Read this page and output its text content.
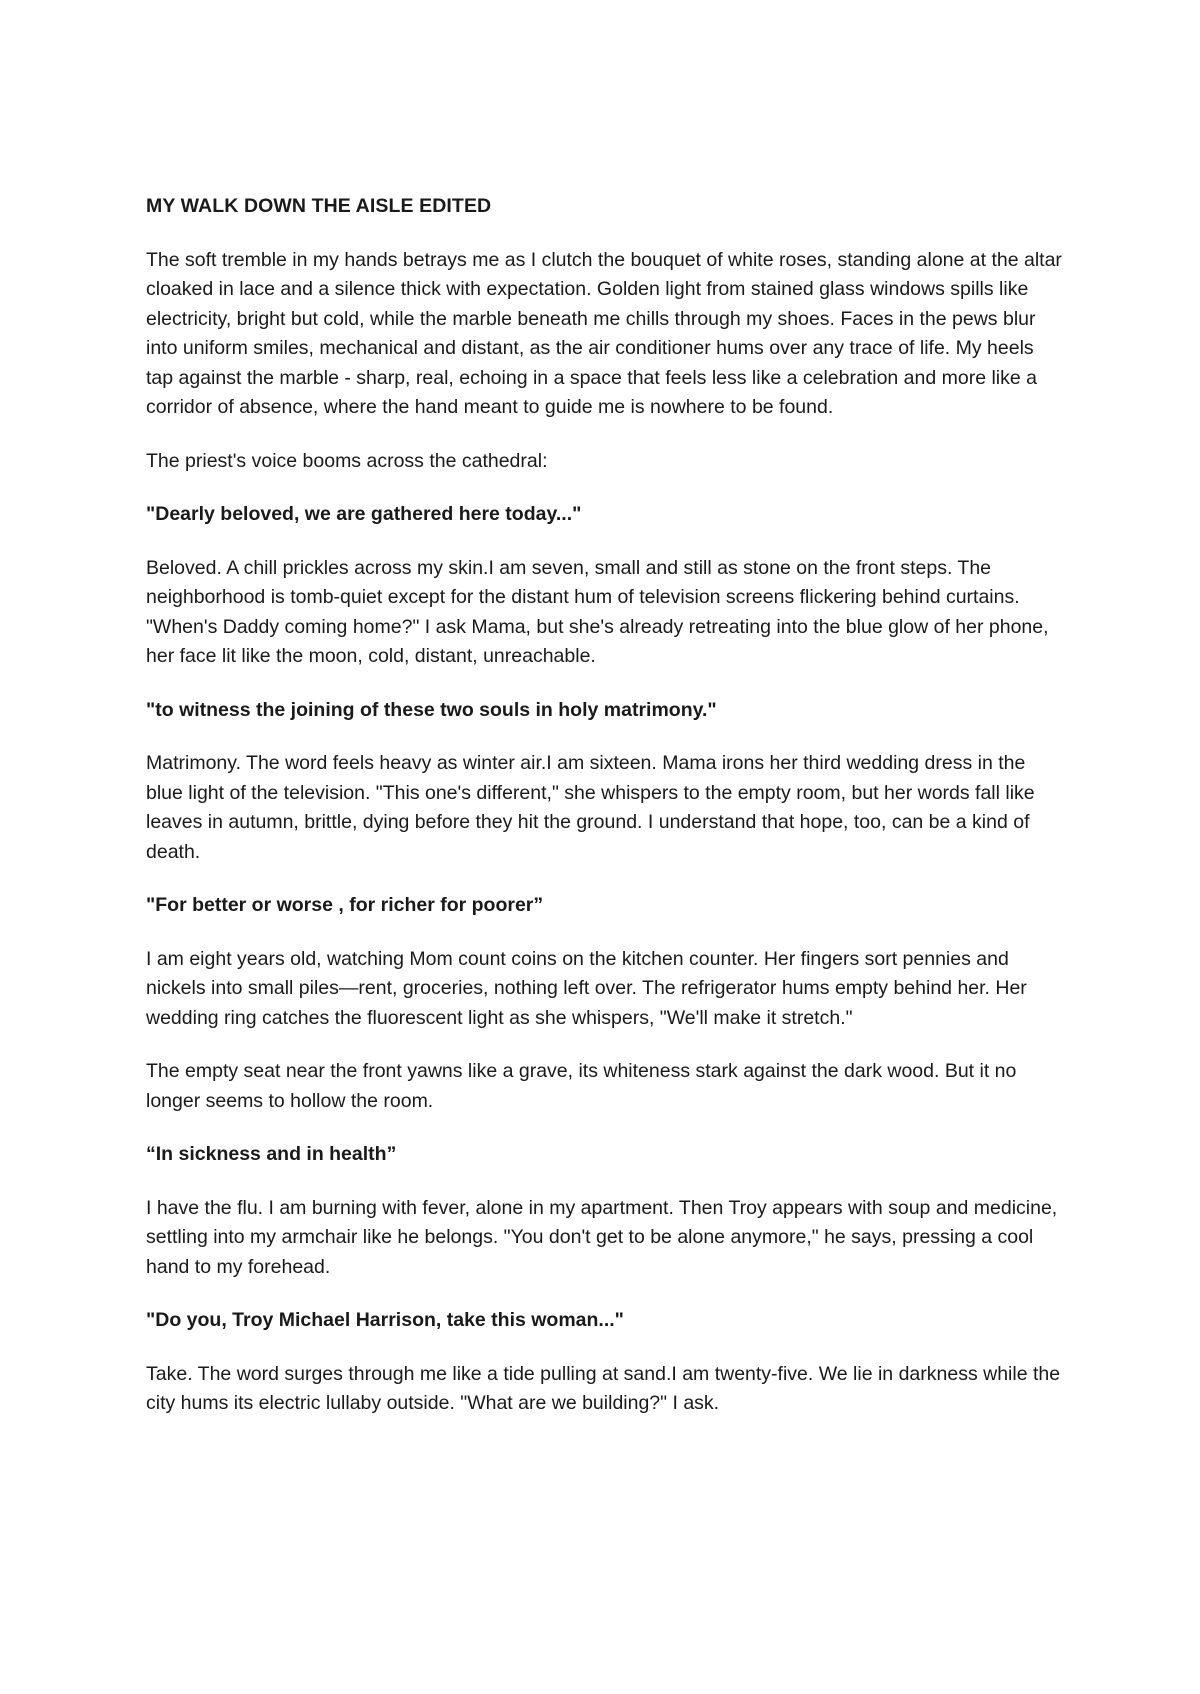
MY WALK DOWN THE AISLE EDITED

The soft tremble in my hands betrays me as I clutch the bouquet of white roses, standing alone at the altar cloaked in lace and a silence thick with expectation. Golden light from stained glass windows spills like electricity, bright but cold, while the marble beneath me chills through my shoes. Faces in the pews blur into uniform smiles, mechanical and distant, as the air conditioner hums over any trace of life. My heels tap against the marble - sharp, real, echoing in a space that feels less like a celebration and more like a corridor of absence, where the hand meant to guide me is nowhere to be found.

The priest's voice booms across the cathedral:

"Dearly beloved, we are gathered here today..."

Beloved. A chill prickles across my skin.I am seven, small and still as stone on the front steps. The neighborhood is tomb-quiet except for the distant hum of television screens flickering behind curtains. "When's Daddy coming home?" I ask Mama, but she's already retreating into the blue glow of her phone, her face lit like the moon, cold, distant, unreachable.

"to witness the joining of these two souls in holy matrimony."

Matrimony. The word feels heavy as winter air.I am sixteen. Mama irons her third wedding dress in the blue light of the television. "This one's different," she whispers to the empty room, but her words fall like leaves in autumn, brittle, dying before they hit the ground. I understand that hope, too, can be a kind of death.

"For better or worse , for richer for poorer”

I am eight years old, watching Mom count coins on the kitchen counter. Her fingers sort pennies and nickels into small piles—rent, groceries, nothing left over. The refrigerator hums empty behind her. Her wedding ring catches the fluorescent light as she whispers, "We'll make it stretch."

The empty seat near the front yawns like a grave, its whiteness stark against the dark wood. But it no longer seems to hollow the room.

“In sickness and in health”

I have the flu. I am burning with fever, alone in my apartment. Then Troy appears with soup and medicine, settling into my armchair like he belongs. "You don't get to be alone anymore," he says, pressing a cool hand to my forehead.

"Do you, Troy Michael Harrison, take this woman..."

Take. The word surges through me like a tide pulling at sand.I am twenty-five. We lie in darkness while the city hums its electric lullaby outside. "What are we building?" I ask.
